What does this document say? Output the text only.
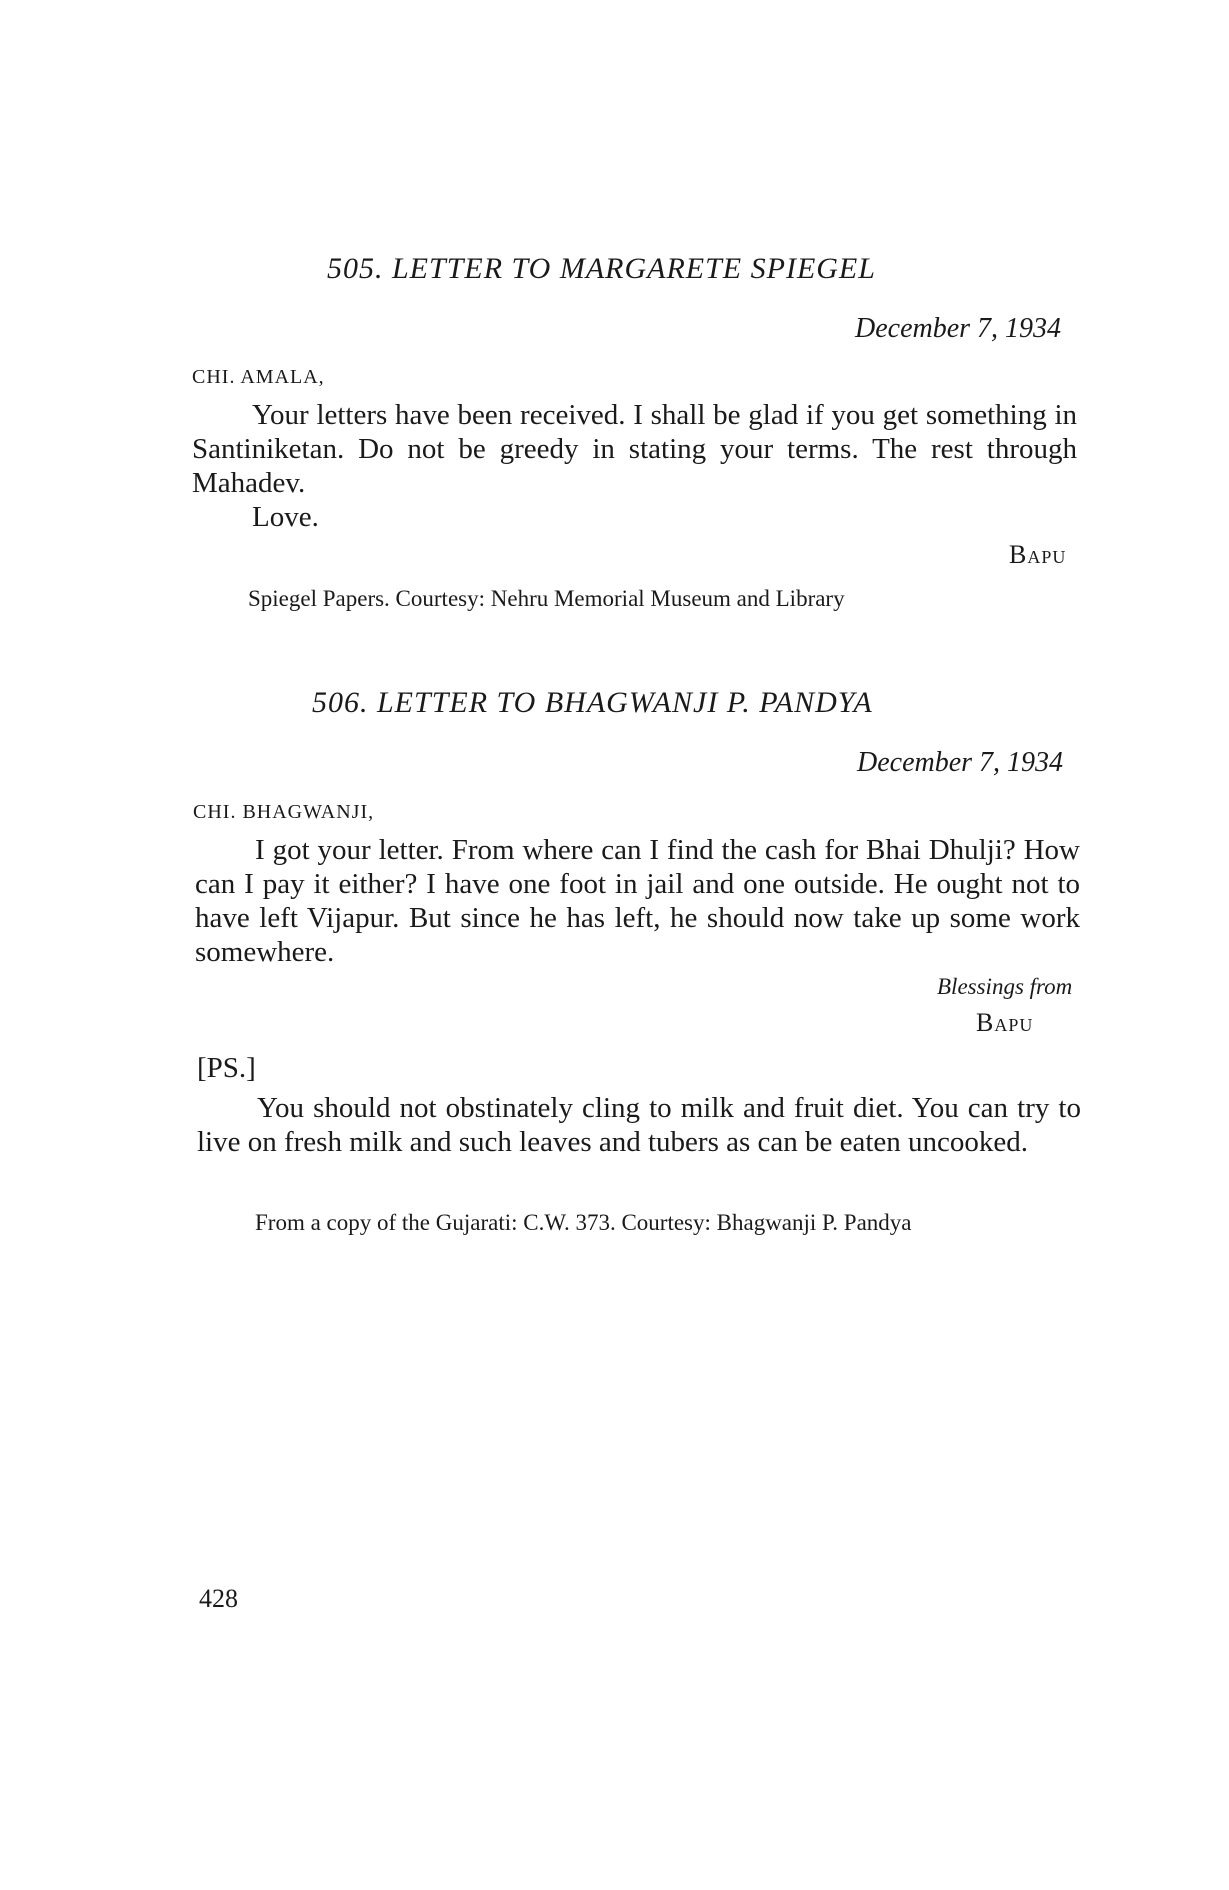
505. LETTER TO MARGARETE SPIEGEL
December 7, 1934
CHI. AMALA,

Your letters have been received. I shall be glad if you get something in Santiniketan. Do not be greedy in stating your terms. The rest through Mahadev.

Love.

Bapu
Spiegel Papers. Courtesy: Nehru Memorial Museum and Library
506. LETTER TO BHAGWANJI P. PANDYA
December 7, 1934
CHI. BHAGWANJI,

I got your letter. From where can I find the cash for Bhai Dhulji? How can I pay it either? I have one foot in jail and one outside. He ought not to have left Vijapur. But since he has left, he should now take up some work somewhere.

Blessings from
Bapu
[PS.]

You should not obstinately cling to milk and fruit diet. You can try to live on fresh milk and such leaves and tubers as can be eaten uncooked.

From a copy of the Gujarati: C.W. 373. Courtesy: Bhagwanji P. Pandya
428
